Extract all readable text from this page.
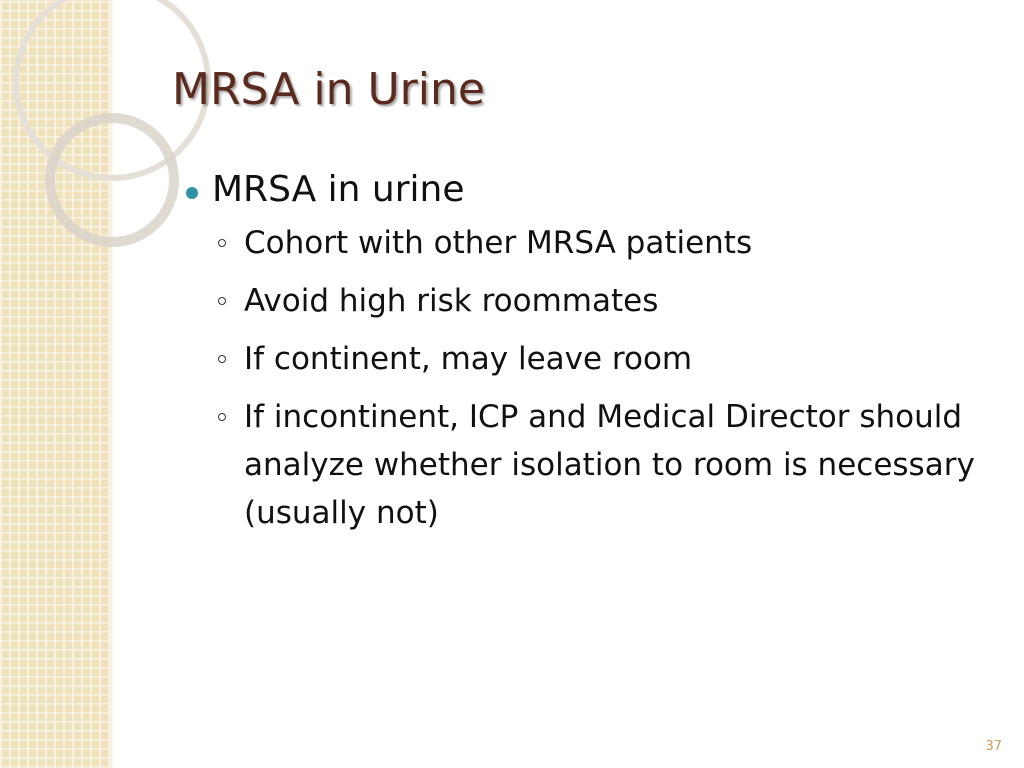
MRSA in Urine
MRSA in urine
Cohort with other MRSA patients
Avoid high risk roommates
If continent, may leave room
If incontinent, ICP and Medical Director should analyze whether isolation to room is necessary (usually not)
37
